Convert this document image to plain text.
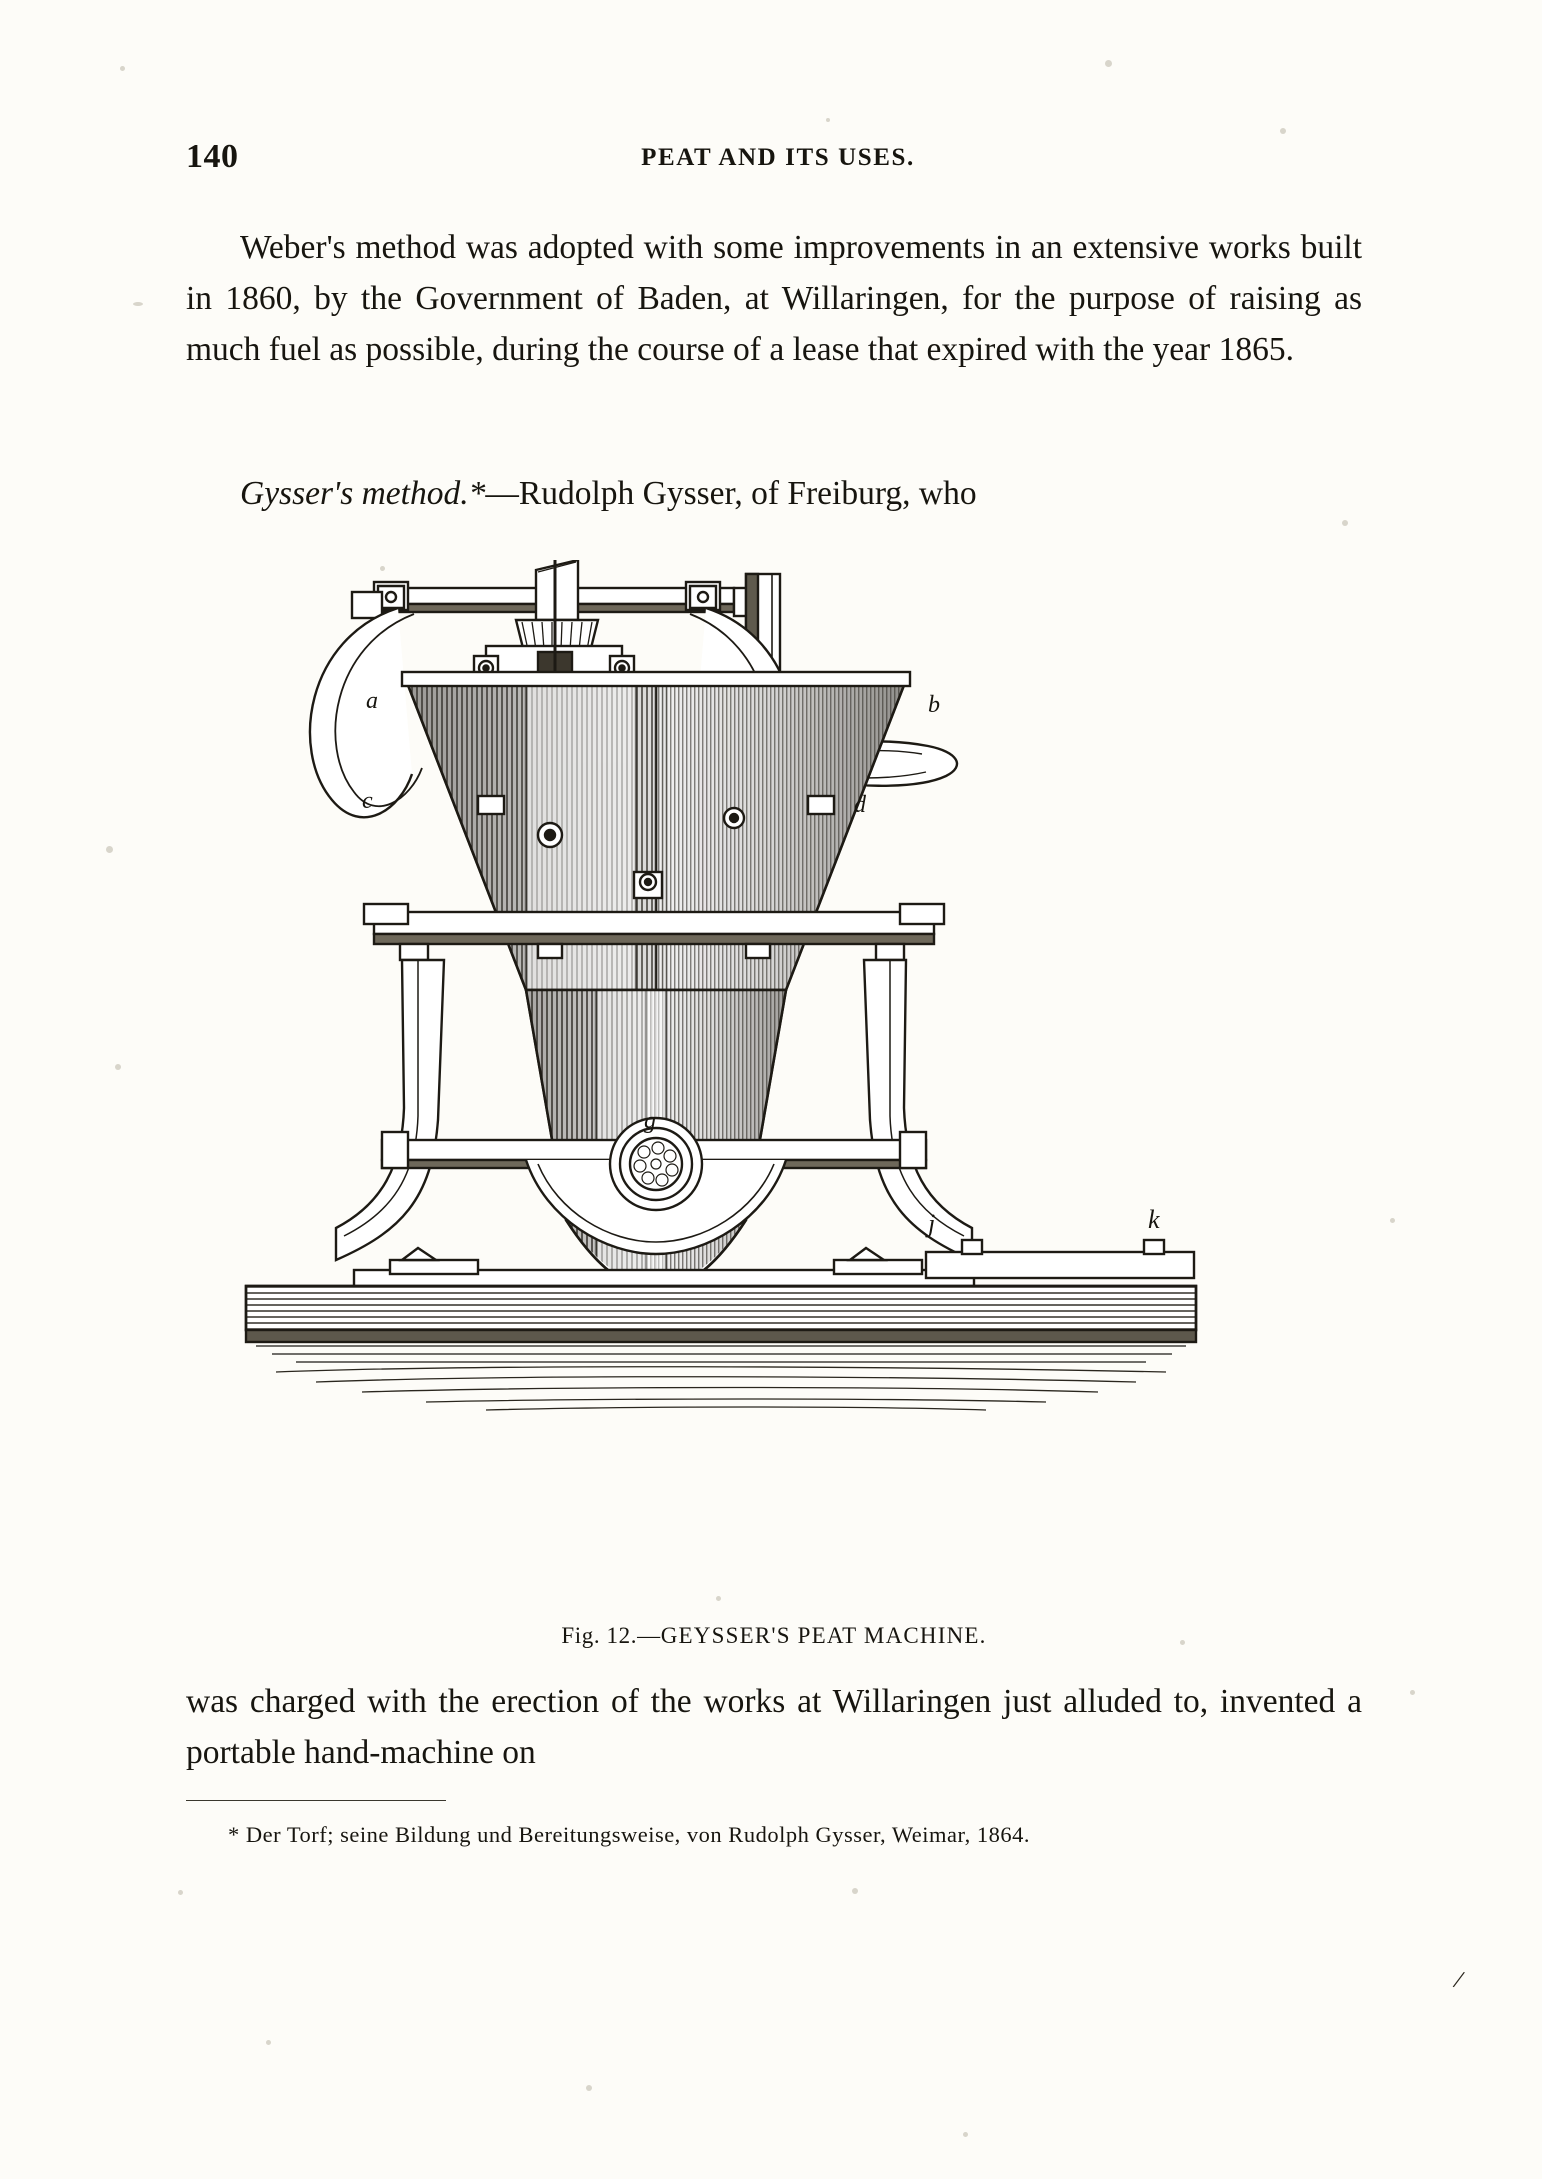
/
140	PEAT AND ITS USES.
Weber's method was adopted with some improvements in an extensive works built in 1860, by the Government of Baden, at Willaringen, for the purpose of raising as much fuel as possible, during the course of a lease that expired with the year 1865.
Gysser's method.*—Rudolph Gysser, of Freiburg, who
a	b
c	d
g
j	k
Fig. 12.—GEYSSER'S PEAT MACHINE.
was charged with the erection of the works at Willaringen just alluded to, invented a portable hand-machine on
* Der Torf; seine Bildung und Bereitungsweise, von Rudolph Gysser, Weimar, 1864.
